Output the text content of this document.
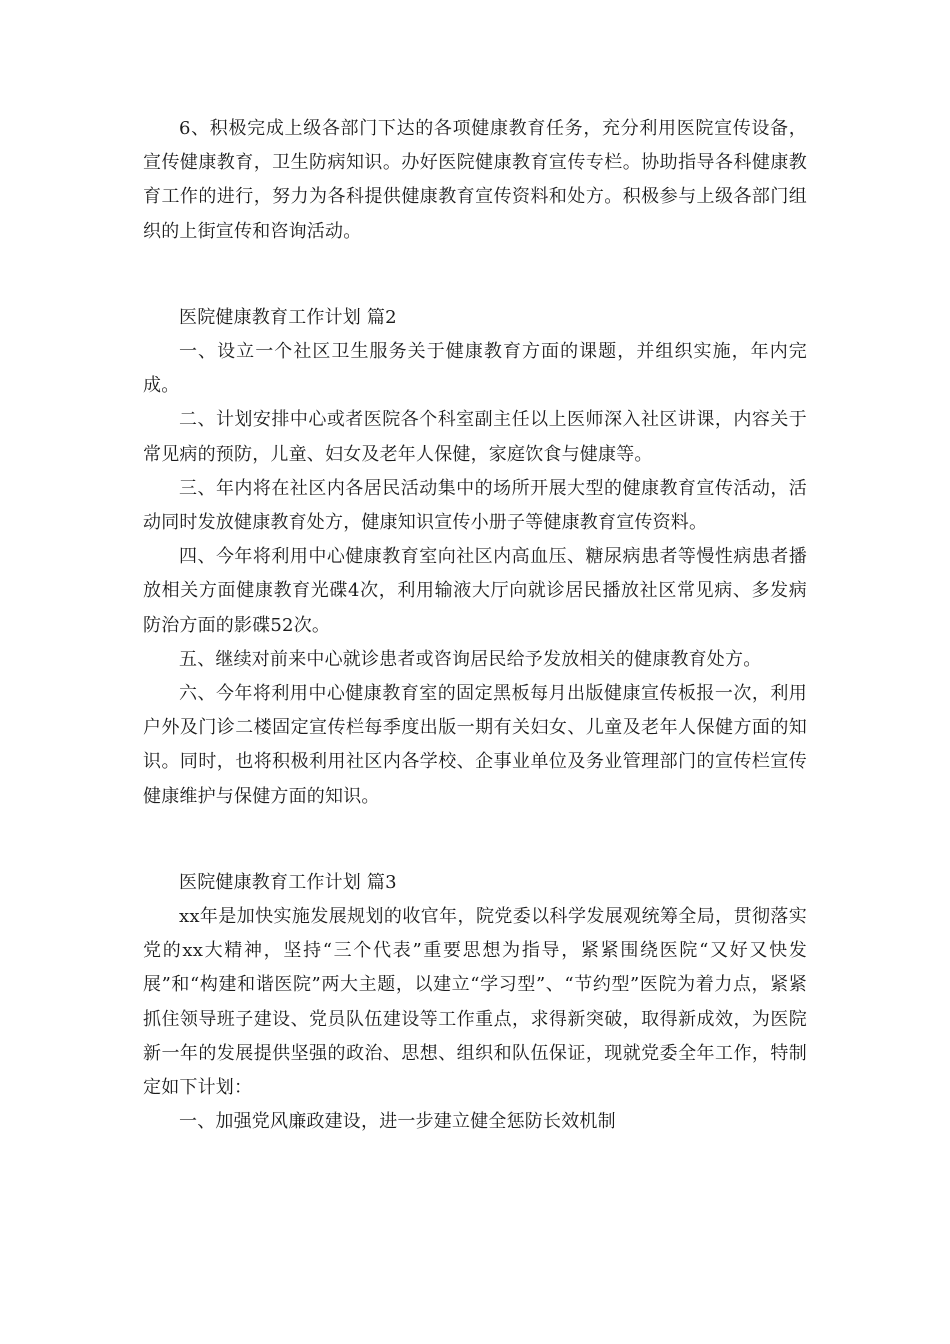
6、积极完成上级各部门下达的各项健康教育任务，充分利用医院宣传设备，宣传健康教育，卫生防病知识。办好医院健康教育宣传专栏。协助指导各科健康教育工作的进行，努力为各科提供健康教育宣传资料和处方。积极参与上级各部门组织的上街宣传和咨询活动。

医院健康教育工作计划 篇2

一、设立一个社区卫生服务关于健康教育方面的课题，并组织实施，年内完成。

二、计划安排中心或者医院各个科室副主任以上医师深入社区讲课，内容关于常见病的预防，儿童、妇女及老年人保健，家庭饮食与健康等。

三、年内将在社区内各居民活动集中的场所开展大型的健康教育宣传活动，活动同时发放健康教育处方，健康知识宣传小册子等健康教育宣传资料。

四、今年将利用中心健康教育室向社区内高血压、糖尿病患者等慢性病患者播放相关方面健康教育光碟4次，利用输液大厅向就诊居民播放社区常见病、多发病防治方面的影碟52次。

五、继续对前来中心就诊患者或咨询居民给予发放相关的健康教育处方。

六、今年将利用中心健康教育室的固定黑板每月出版健康宣传板报一次，利用户外及门诊二楼固定宣传栏每季度出版一期有关妇女、儿童及老年人保健方面的知识。同时，也将积极利用社区内各学校、企事业单位及务业管理部门的宣传栏宣传健康维护与保健方面的知识。

医院健康教育工作计划 篇3

xx年是加快实施发展规划的收官年，院党委以科学发展观统筹全局，贯彻落实党的xx大精神，坚持“三个代表”重要思想为指导，紧紧围绕医院“又好又快发展”和“构建和谐医院”两大主题，以建立“学习型”、“节约型”医院为着力点，紧紧抓住领导班子建设、党员队伍建设等工作重点，求得新突破，取得新成效，为医院新一年的发展提供坚强的政治、思想、组织和队伍保证，现就党委全年工作，特制定如下计划：

一、加强党风廉政建设，进一步建立健全惩防长效机制
